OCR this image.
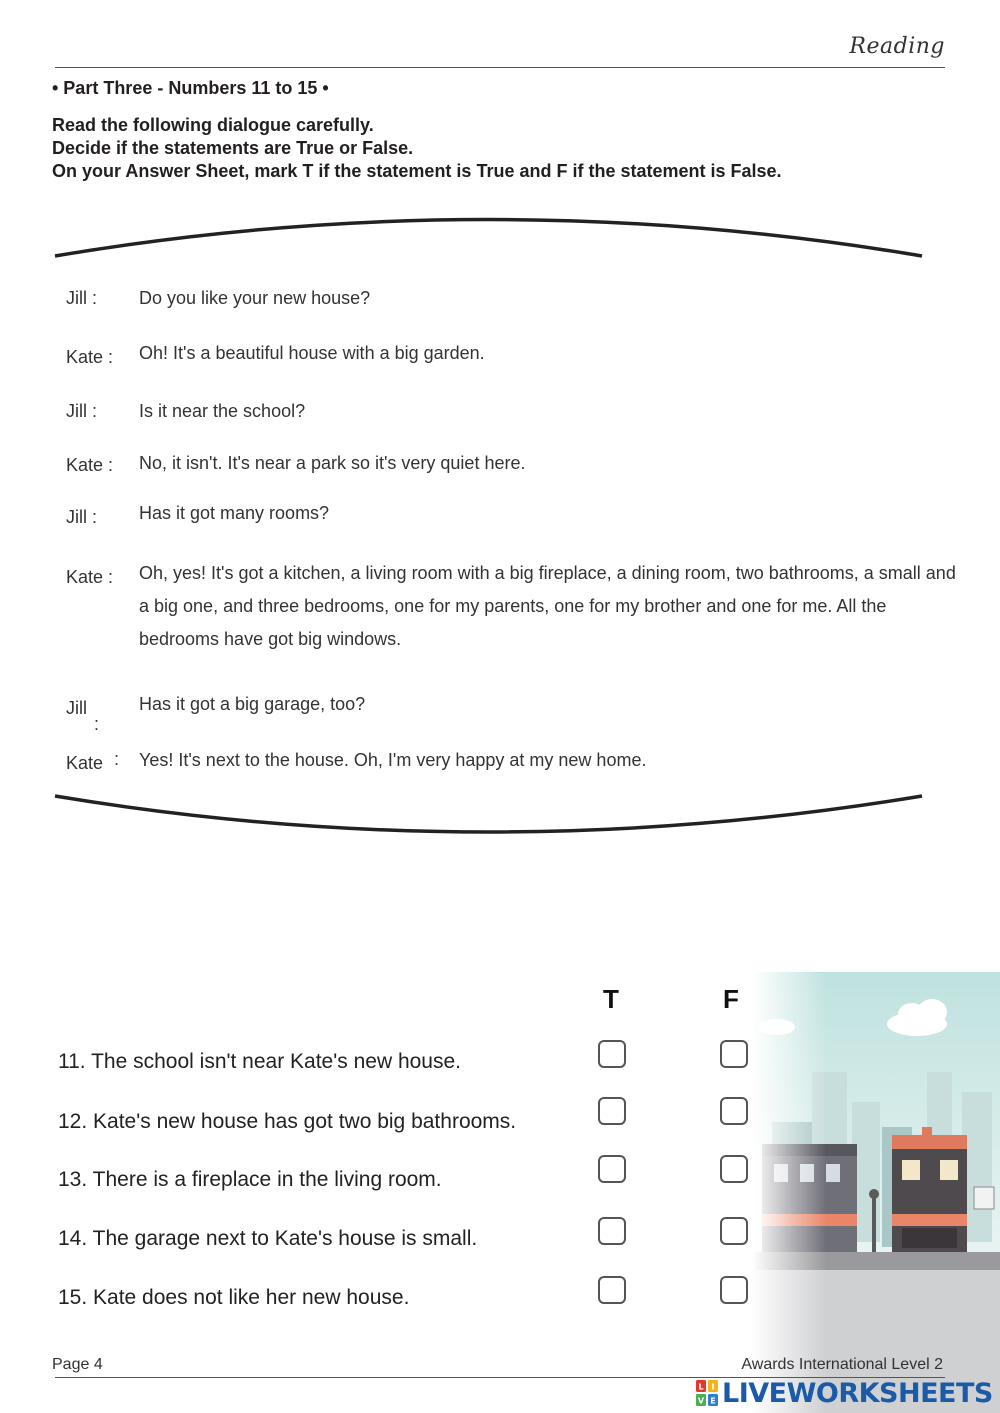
Reading
• Part Three - Numbers 11 to 15 •
Read the following dialogue carefully.
Decide if the statements are True or False.
On your Answer Sheet, mark T if the statement is True and F if the statement is False.
Jill : Do you like your new house?
Kate : Oh! It's a beautiful house with a big garden.
Jill : Is it near the school?
Kate : No, it isn't. It's near a park so it's very quiet here.
Jill : Has it got many rooms?
Kate : Oh, yes! It's got a kitchen, a living room with a big fireplace, a dining room, two bathrooms, a small and a big one, and three bedrooms, one for my parents, one for my brother and one for me. All the bedrooms have got big windows.
Jill
:
Has it got a big garage, too?
Kate : Yes! It's next to the house. Oh, I'm very happy at my new home.
T	F
11. The school isn't near Kate's new house.
12. Kate's new house has got two big bathrooms.
13. There is a fireplace in the living room.
14. The garage next to Kate's house is small.
15. Kate does not like her new house.
Page 4	Awards International Level 2
L I
V E LIVEWORKSHEETS
